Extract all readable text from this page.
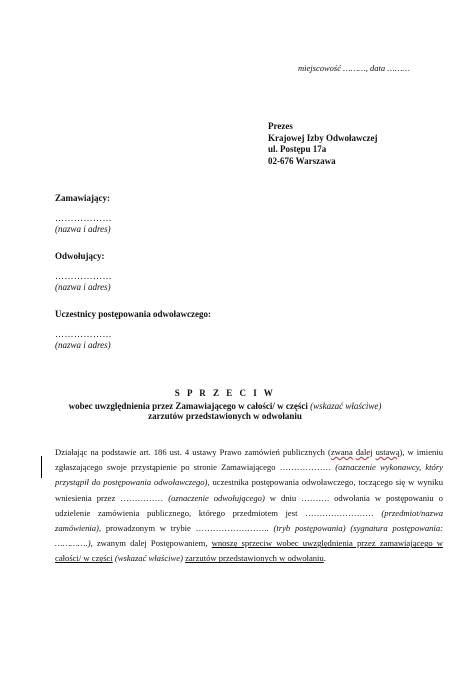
miejscowość ………, data ………
Prezes
Krajowej Izby Odwoławczej
ul. Postępu 17a
02-676 Warszawa
Zamawiający:
………………
(nazwa i adres)
Odwołujący:
………………
(nazwa i adres)
Uczestnicy postępowania odwoławczego:
………………
(nazwa i adres)
S P R Z E C I W
wobec uwzględnienia przez Zamawiającego w całości/ w części (wskazać właściwe)
zarzutów przedstawionych w odwołaniu
Działając na podstawie art. 186 ust. 4 ustawy Prawo zamówień publicznych (zwana dalej ustawą), w imieniu zgłaszającego swoje przystąpienie po stronie Zamawiającego ……………… (oznaczenie wykonawcy, który przystąpił do postępowania odwoławczego), uczestnika postępowania odwoławczego, toczącego się w wyniku wniesienia przez …………… (oznaczenie odwołującego) w dniu ………. odwołania w postępowaniu o udzielenie zamówienia publicznego, którego przedmiotem jest …………………… (przedmiot/nazwa zamówienia), prowadzonym w trybie …………………….. (tryb postępowania) (sygnatura postępowania: ………….), zwanym dalej Postępowaniem, wnoszę sprzeciw wobec uwzględnienia przez zamawiającego w całości/ w części (wskazać właściwe) zarzutów przedstawionych w odwołaniu.
